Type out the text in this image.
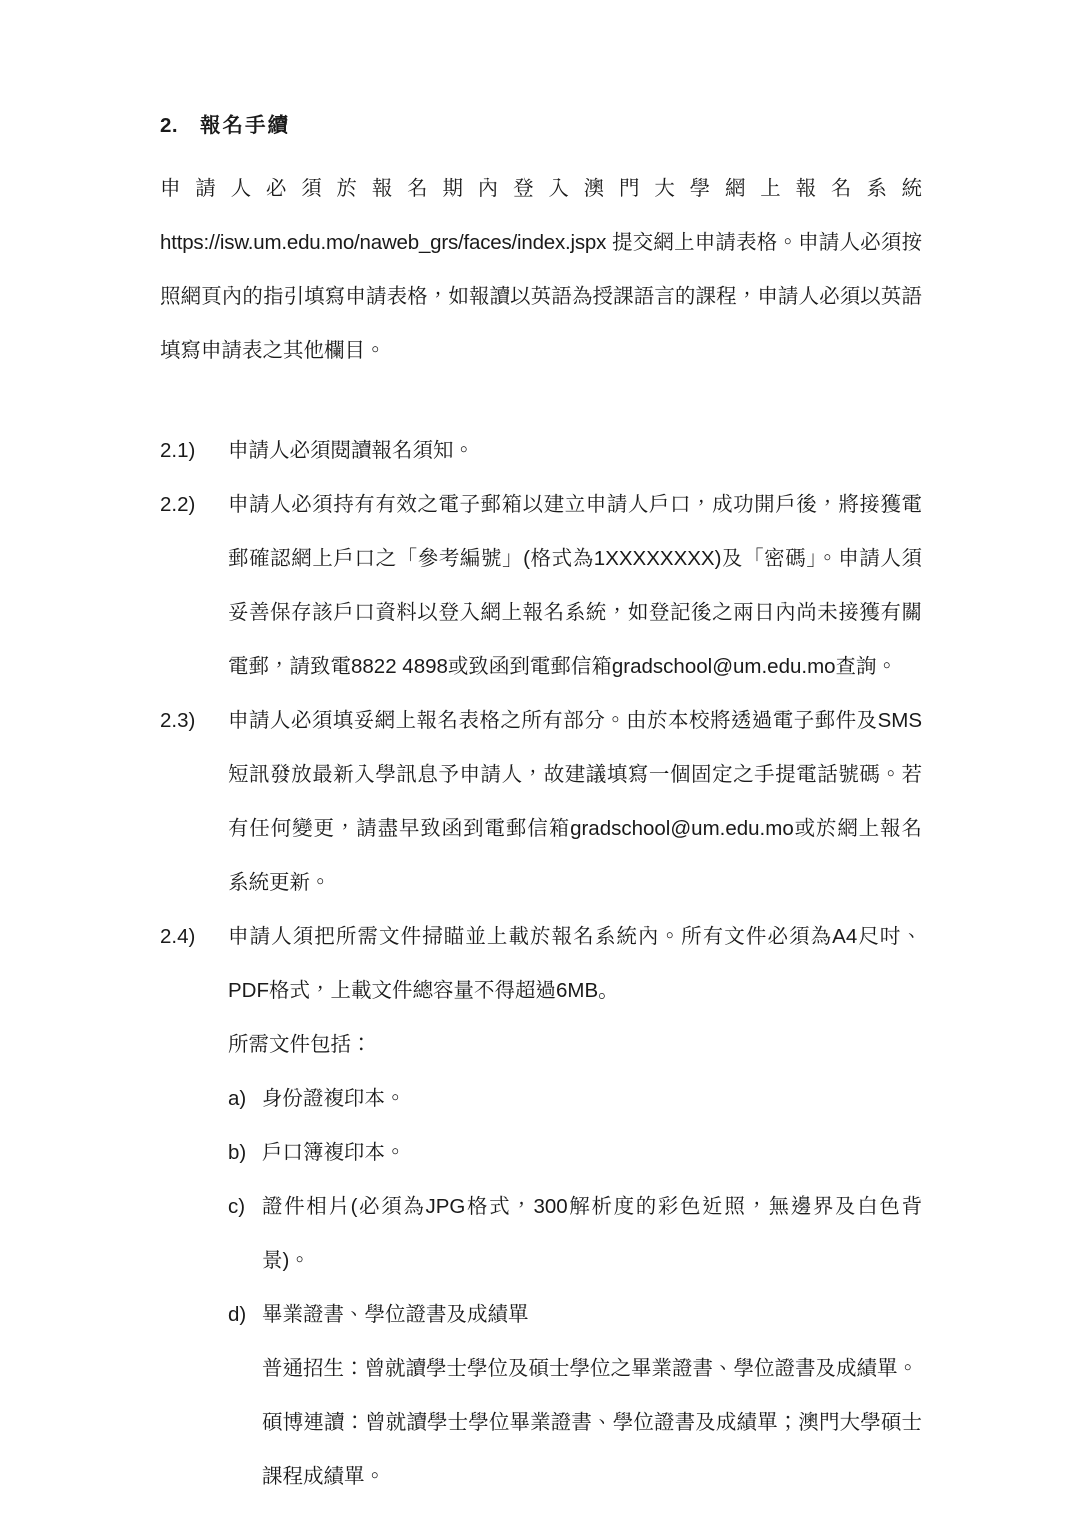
2.	報名手續
申請人必須於報名期內登入澳門大學網上報名系統
https://isw.um.edu.mo/naweb_grs/faces/index.jspx 提交網上申請表格。申請人必須按照網頁內的指引填寫申請表格，如報讀以英語為授課語言的課程，申請人必須以英語填寫申請表之其他欄目。
2.1)	申請人必須閱讀報名須知。

2.2)	申請人必須持有有效之電子郵箱以建立申請人戶口，成功開戶後，將接獲電郵確認網上戶口之「參考編號」(格式為1XXXXXXXX)及「密碼」。申請人須妥善保存該戶口資料以登入網上報名系統，如登記後之兩日內尚未接獲有關電郵，請致電8822 4898或致函到電郵信箱gradschool@um.edu.mo查詢。

2.3)	申請人必須填妥網上報名表格之所有部分。由於本校將透過電子郵件及SMS短訊發放最新入學訊息予申請人，故建議填寫一個固定之手提電話號碼。若有任何變更，請盡早致函到電郵信箱gradschool@um.edu.mo或於網上報名系統更新。

2.4)	申請人須把所需文件掃瞄並上載於報名系統內。所有文件必須為A4尺吋、PDF格式，上載文件總容量不得超過6MB。

所需文件包括：

a) 身份證複印本。

b) 戶口簿複印本。

c) 證件相片(必須為JPG格式，300解析度的彩色近照，無邊界及白色背景)。

d) 畢業證書、學位證書及成績單

普通招生：曾就讀學士學位及碩士學位之畢業證書、學位證書及成績單。

碩博連讀：曾就讀學士學位畢業證書、學位證書及成績單；澳門大學碩士課程成績單。
